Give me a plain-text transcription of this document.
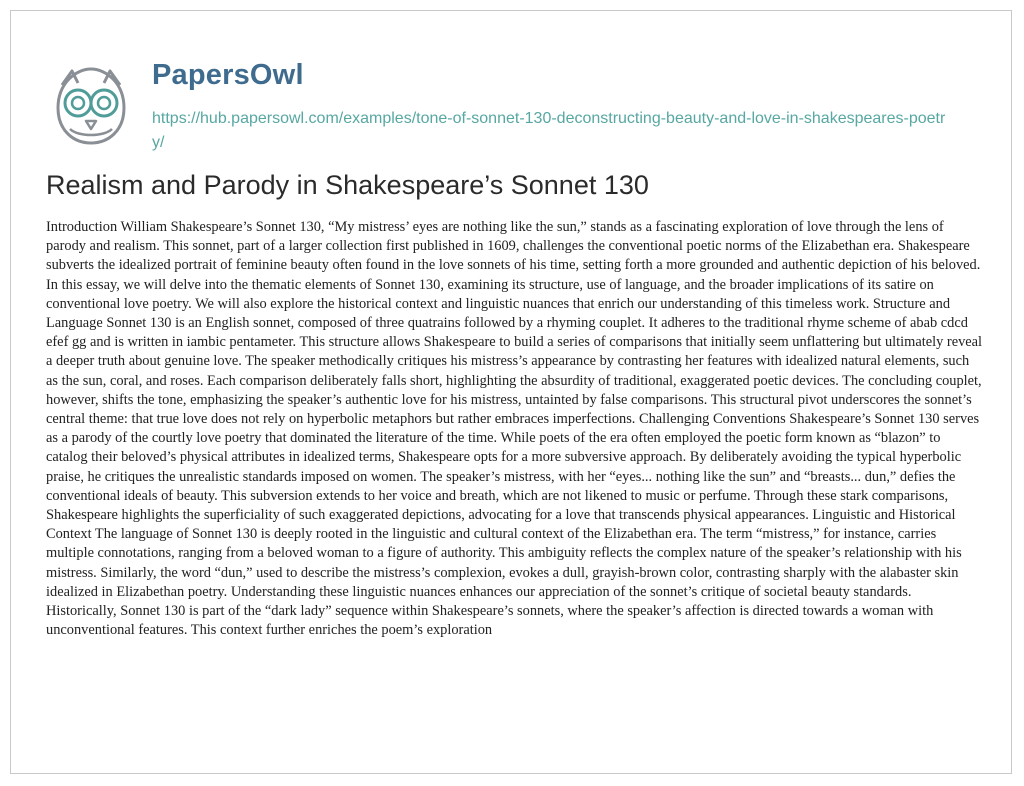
PapersOwl
https://hub.papersowl.com/examples/tone-of-sonnet-130-deconstructing-beauty-and-love-in-shakespeares-poetry/
Realism and Parody in Shakespeare’s Sonnet 130

Introduction William Shakespeare’s Sonnet 130, “My mistress’ eyes are nothing like the sun,” stands as a fascinating exploration of love through the lens of parody and realism. This sonnet, part of a larger collection first published in 1609, challenges the conventional poetic norms of the Elizabethan era. Shakespeare subverts the idealized portrait of feminine beauty often found in the love sonnets of his time, setting forth a more grounded and authentic depiction of his beloved. In this essay, we will delve into the thematic elements of Sonnet 130, examining its structure, use of language, and the broader implications of its satire on conventional love poetry. We will also explore the historical context and linguistic nuances that enrich our understanding of this timeless work. Structure and Language Sonnet 130 is an English sonnet, composed of three quatrains followed by a rhyming couplet. It adheres to the traditional rhyme scheme of abab cdcd efef gg and is written in iambic pentameter. This structure allows Shakespeare to build a series of comparisons that initially seem unflattering but ultimately reveal a deeper truth about genuine love. The speaker methodically critiques his mistress’s appearance by contrasting her features with idealized natural elements, such as the sun, coral, and roses. Each comparison deliberately falls short, highlighting the absurdity of traditional, exaggerated poetic devices. The concluding couplet, however, shifts the tone, emphasizing the speaker’s authentic love for his mistress, untainted by false comparisons. This structural pivot underscores the sonnet’s central theme: that true love does not rely on hyperbolic metaphors but rather embraces imperfections. Challenging Conventions Shakespeare’s Sonnet 130 serves as a parody of the courtly love poetry that dominated the literature of the time. While poets of the era often employed the poetic form known as “blazon” to catalog their beloved’s physical attributes in idealized terms, Shakespeare opts for a more subversive approach. By deliberately avoiding the typical hyperbolic praise, he critiques the unrealistic standards imposed on women. The speaker’s mistress, with her “eyes... nothing like the sun” and “breasts... dun,” defies the conventional ideals of beauty. This subversion extends to her voice and breath, which are not likened to music or perfume. Through these stark comparisons, Shakespeare highlights the superficiality of such exaggerated depictions, advocating for a love that transcends physical appearances. Linguistic and Historical Context The language of Sonnet 130 is deeply rooted in the linguistic and cultural context of the Elizabethan era. The term “mistress,” for instance, carries multiple connotations, ranging from a beloved woman to a figure of authority. This ambiguity reflects the complex nature of the speaker’s relationship with his mistress. Similarly, the word “dun,” used to describe the mistress’s complexion, evokes a dull, grayish-brown color, contrasting sharply with the alabaster skin idealized in Elizabethan poetry. Understanding these linguistic nuances enhances our appreciation of the sonnet’s critique of societal beauty standards. Historically, Sonnet 130 is part of the “dark lady” sequence within Shakespeare’s sonnets, where the speaker’s affection is directed towards a woman with unconventional features. This context further enriches the poem’s exploration
